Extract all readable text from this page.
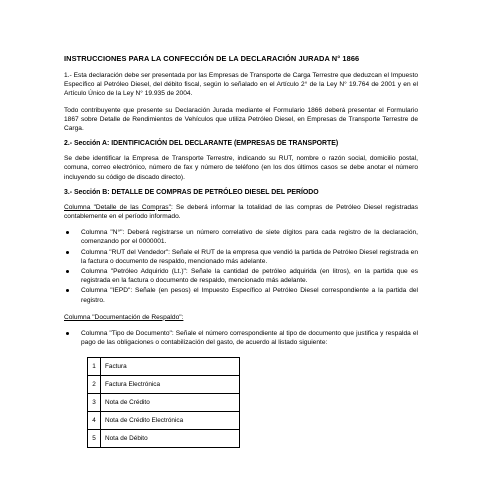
INSTRUCCIONES PARA LA CONFECCIÓN DE LA DECLARACIÓN JURADA N° 1866

1.- Esta declaración debe ser presentada por las Empresas de Transporte de Carga Terrestre que deduzcan el Impuesto Específico al Petróleo Diesel, del débito fiscal, según lo señalado en el Artículo 2° de la Ley N° 19.764 de 2001 y en el Artículo Único de la Ley N° 19.935 de 2004.

Todo contribuyente que presente su Declaración Jurada mediante el Formulario 1866 deberá presentar el Formulario 1867 sobre Detalle de Rendimientos de Vehículos que utiliza Petróleo Diesel, en Empresas de Transporte Terrestre de Carga.

2.- Sección A: IDENTIFICACIÓN DEL DECLARANTE (EMPRESAS DE TRANSPORTE)

Se debe identificar la Empresa de Transporte Terrestre, indicando su RUT, nombre o razón social, domicilio postal, comuna, correo electrónico, número de fax y número de teléfono (en los dos últimos casos se debe anotar el número incluyendo su código de discado directo).

3.- Sección B: DETALLE DE COMPRAS DE PETRÓLEO DIESEL DEL PERÍODO

Columna "Detalle de las Compras": Se deberá informar la totalidad de las compras de Petróleo Diesel registradas contablemente en el período informado.

Columna "N°": Deberá registrarse un número correlativo de siete dígitos para cada registro de la declaración, comenzando por el 0000001.
Columna "RUT del Vendedor": Señale el RUT de la empresa que vendió la partida de Petróleo Diesel registrada en la factura o documento de respaldo, mencionado más adelante.
Columna "Petróleo Adquirido (Lt.)": Señale la cantidad de petróleo adquirida (en litros), en la partida que es registrada en la factura o documento de respaldo, mencionado más adelante.
Columna "IEPD": Señale (en pesos) el Impuesto Específico al Petróleo Diesel correspondiente a la partida del registro.
Columna "Documentación de Respaldo":
Columna "Tipo de Documento": Señale el número correspondiente al tipo de documento que justifica y respalda el pago de las obligaciones o contabilización del gasto, de acuerdo al listado siguiente:
1	Factura
2	Factura Electrónica
3	Nota de Crédito
4	Nota de Crédito Electrónica
5	Nota de Débito
